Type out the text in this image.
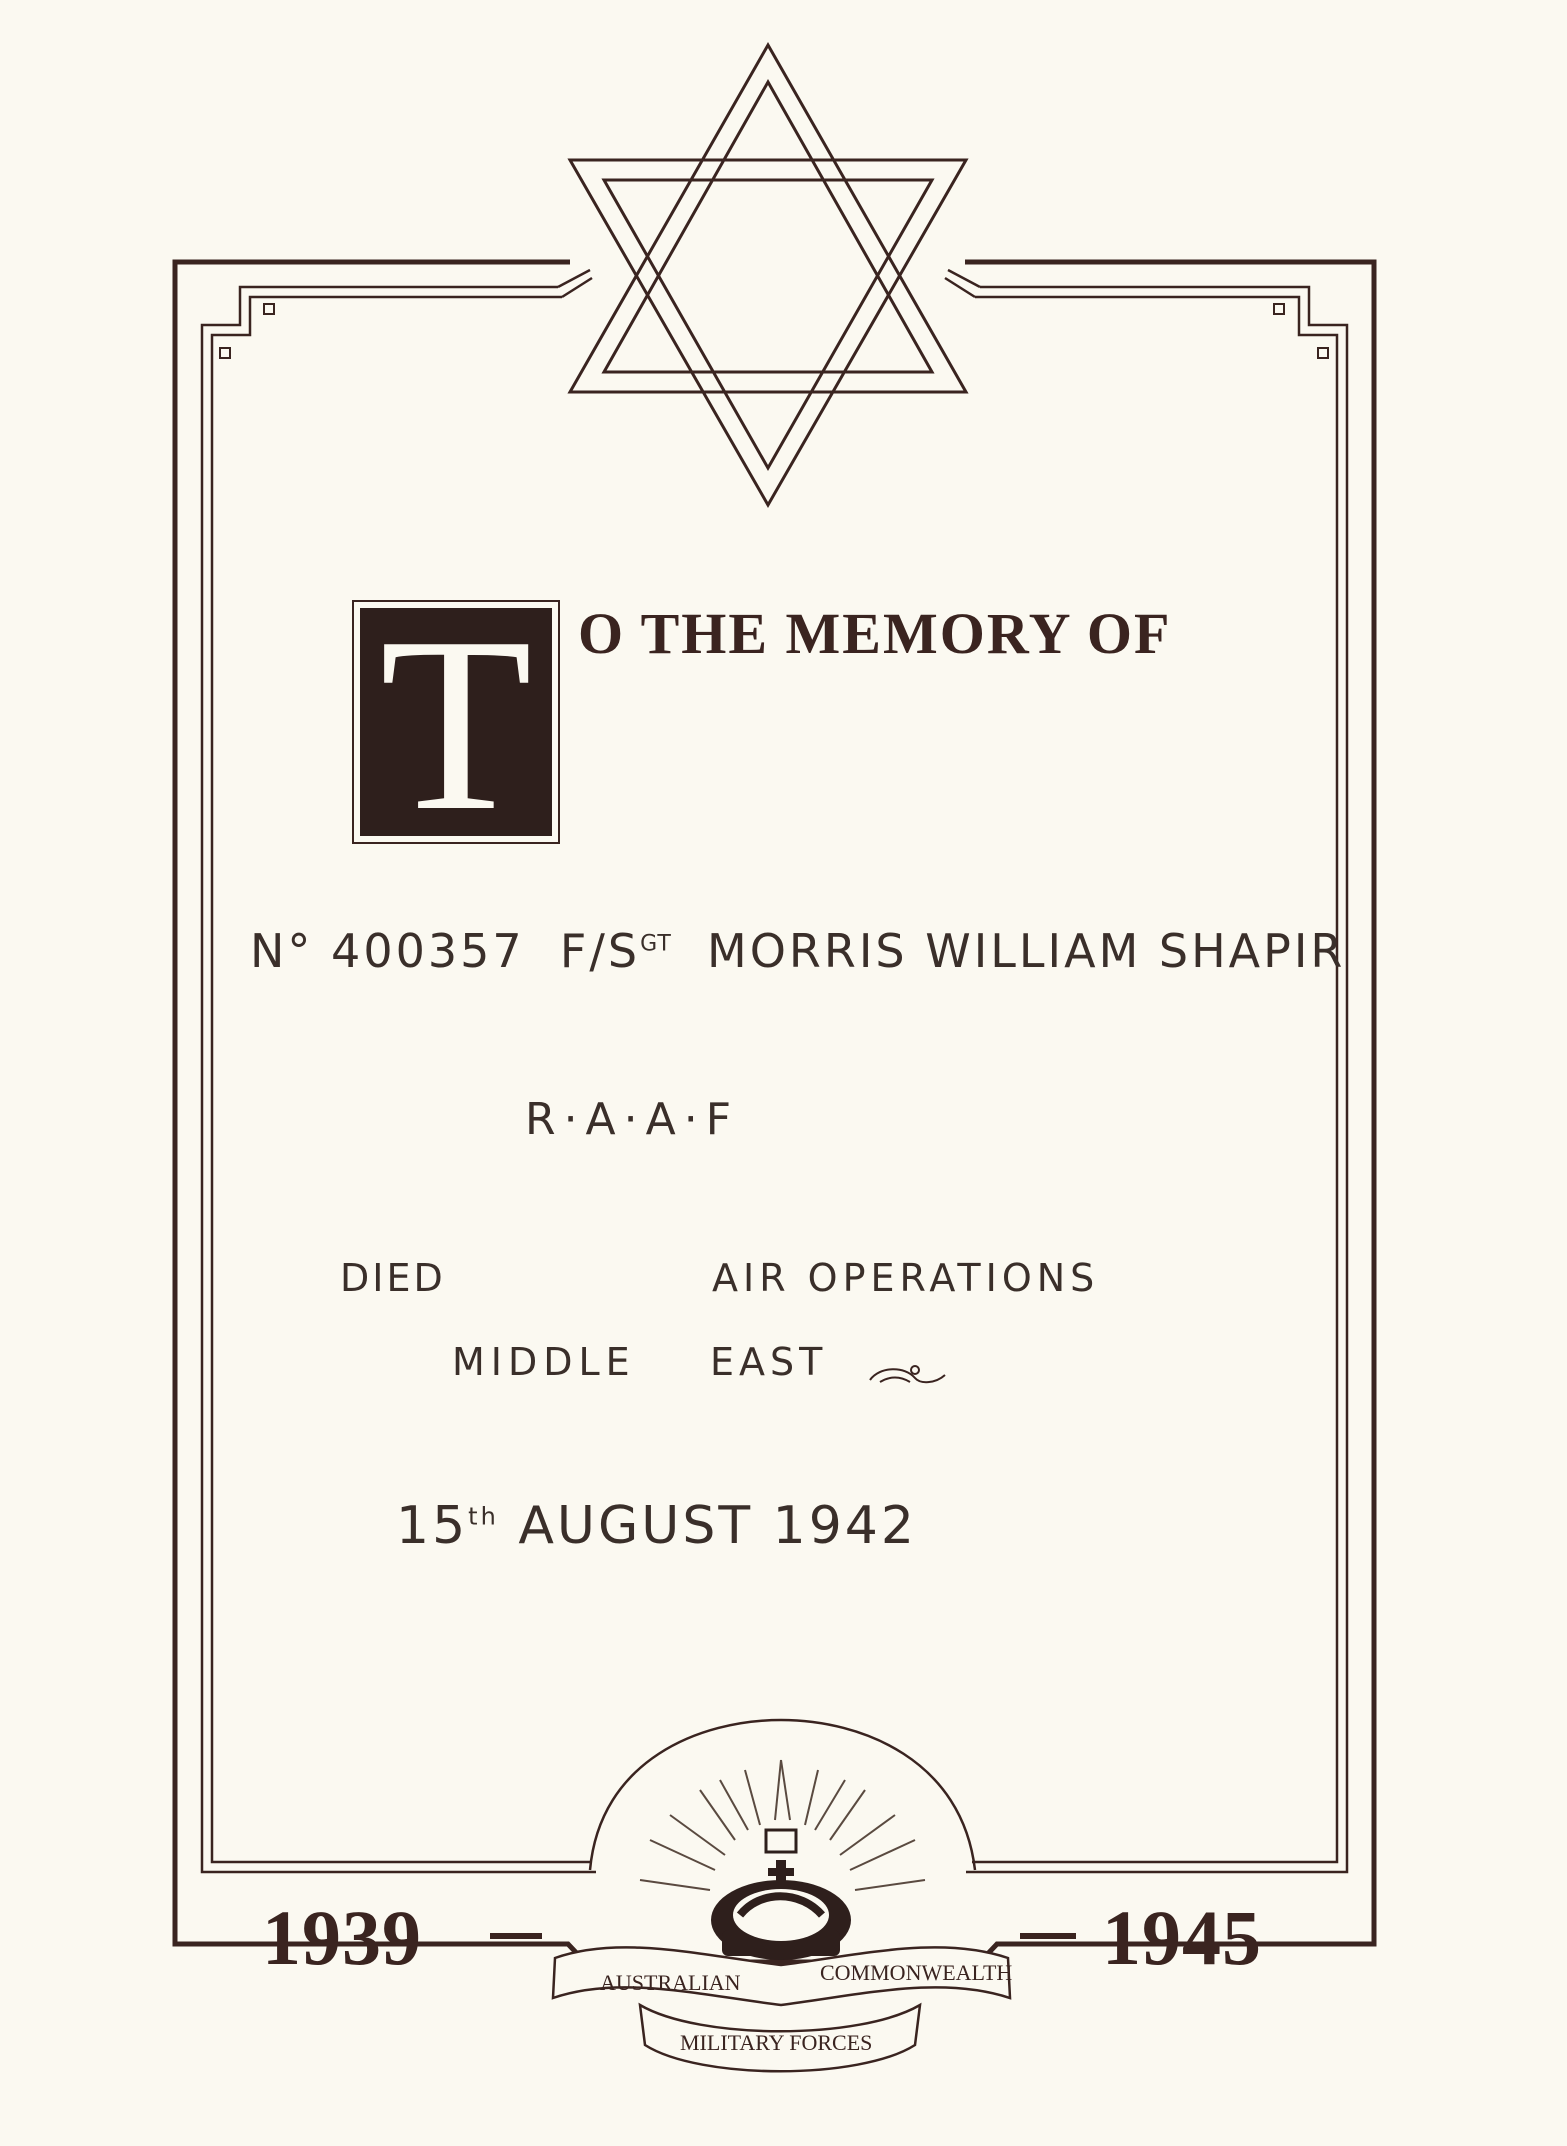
AUSTRALIAN	COMMONWEALTH
MILITARY FORCES
T O THE MEMORY OF
N° 400357 $F/S^{GT}$ MORRIS WILLIAM SHAPIR
R·A·A·F
DIED	AIR OPERATIONS
MIDDLE EAST
15th AUGUST 1942
1939	1945
